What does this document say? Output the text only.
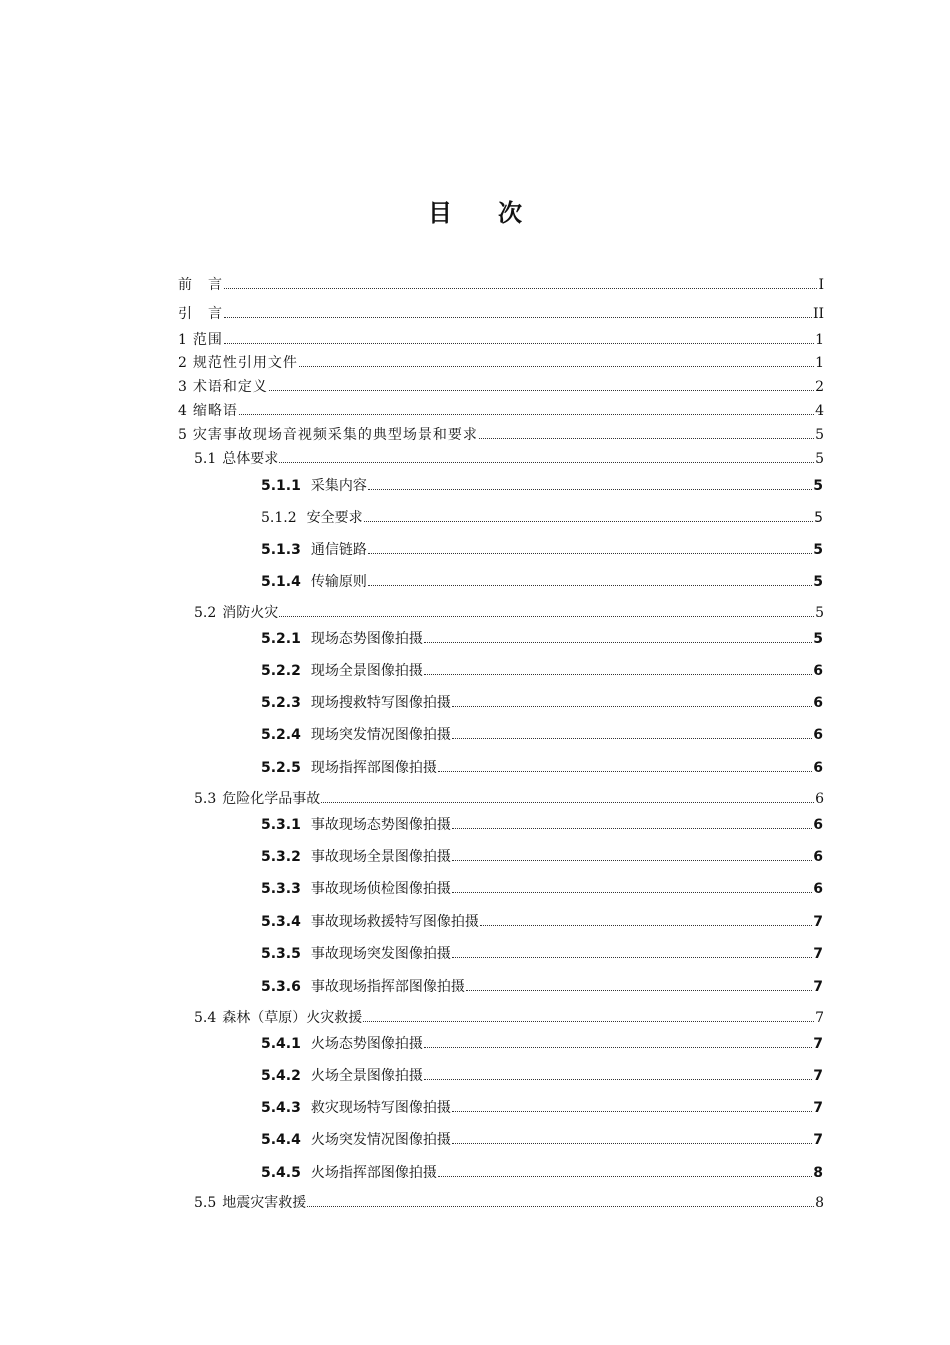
目 次
前　言	I
引　言	II
1 范围	1
2 规范性引用文件	1
3 术语和定义	2
4 缩略语	4
5 灾害事故现场音视频采集的典型场景和要求	5
5.1 总体要求	5
5.1.1 采集内容	5
5.1.2 安全要求	5
5.1.3 通信链路	5
5.1.4 传输原则	5
5.2 消防火灾	5
5.2.1 现场态势图像拍摄	5
5.2.2 现场全景图像拍摄	6
5.2.3 现场搜救特写图像拍摄	6
5.2.4 现场突发情况图像拍摄	6
5.2.5 现场指挥部图像拍摄	6
5.3 危险化学品事故	6
5.3.1 事故现场态势图像拍摄	6
5.3.2 事故现场全景图像拍摄	6
5.3.3 事故现场侦检图像拍摄	6
5.3.4 事故现场救援特写图像拍摄	7
5.3.5 事故现场突发图像拍摄	7
5.3.6 事故现场指挥部图像拍摄	7
5.4 森林（草原）火灾救援	7
5.4.1 火场态势图像拍摄	7
5.4.2 火场全景图像拍摄	7
5.4.3 救灾现场特写图像拍摄	7
5.4.4 火场突发情况图像拍摄	7
5.4.5 火场指挥部图像拍摄	8
5.5 地震灾害救援	8
